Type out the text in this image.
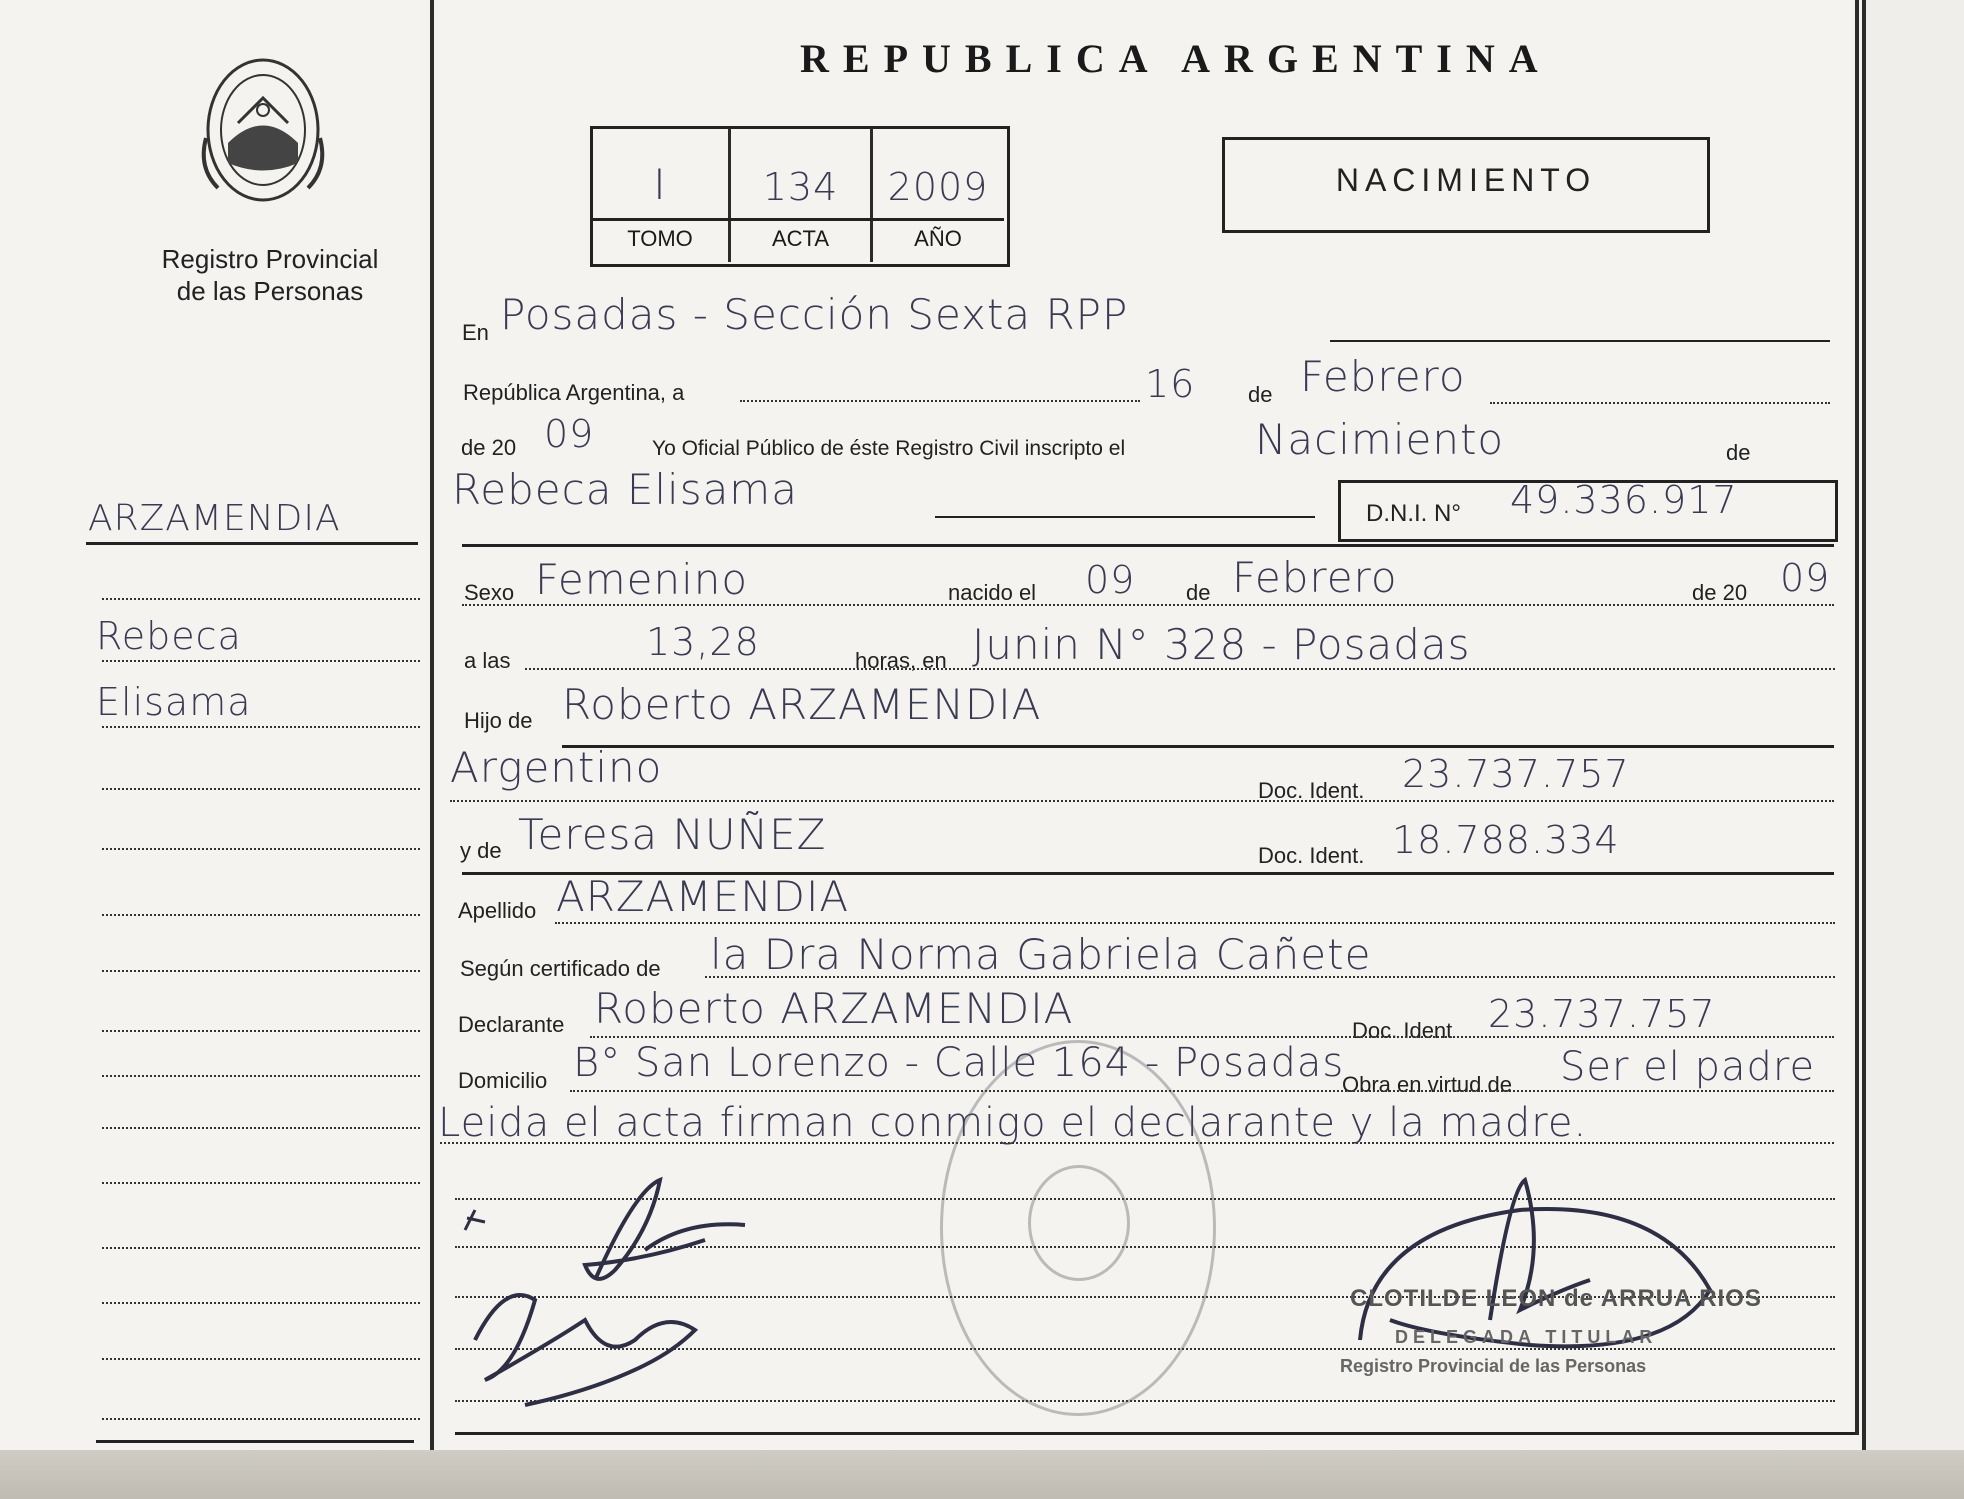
Registro Provincial
de las Personas
REPUBLICA ARGENTINA
I	134	2009
TOMO	ACTA	AÑO
NACIMIENTO
ARZAMENDIA
Rebeca
Elisama
En Posadas - Sección Sexta RPP
República Argentina, a	16 de Febrero
de 20 09	Yo Oficial Público de éste Registro Civil inscripto el	Nacimiento	de
Rebeca Elisama	D.N.I. N° 49.336.917
Sexo Femenino	nacido el 09 de Febrero	de 20 09
a las	13,28	horas, en Junin N° 328 - Posadas
Hijo de Roberto ARZAMENDIA
Argentino	Doc. Ident. 23.737.757
y de Teresa NUÑEZ	Doc. Ident. 18.788.334
Apellido ARZAMENDIA
Según certificado de la Dra Norma Gabriela Cañete
Declarante Roberto ARZAMENDIA	Doc. Ident 23.737.757
Domicilio B° San Lorenzo - Calle 164 - Posadas
Obra en virtud de Ser el padre
Leida el acta firman conmigo el declarante y la madre.
CLOTILDE LEON de ARRUA RIOS
DELEGADA TITULAR
Registro Provincial de las Personas
